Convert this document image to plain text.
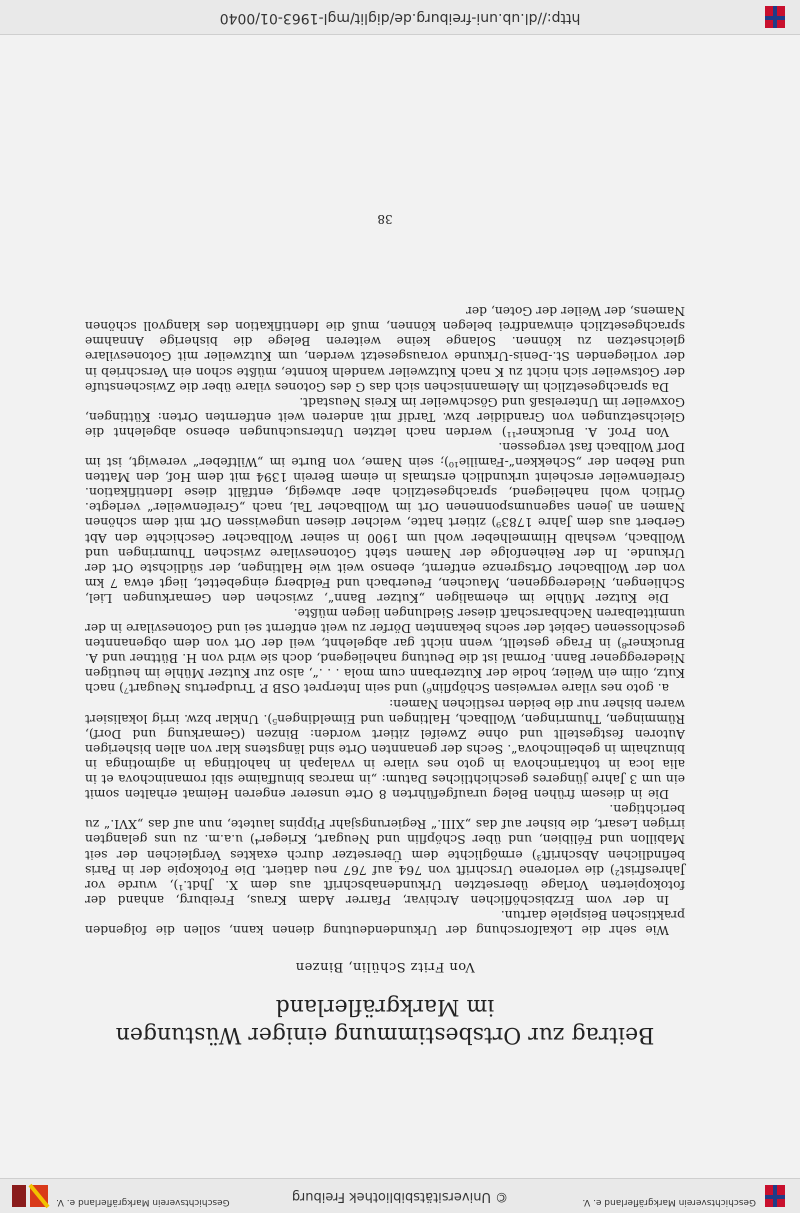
Geschichtsverein Markgräflerland e. V.
© Universitätsbibliothek Freiburg
Geschichtsverein Markgräflerland e. V.
Beitrag zur Ortsbestimmung einiger Wüstungen
im Markgräflerland
Von Fritz Schülin, Binzen

Wie sehr die Lokalforschung der Urkundendeutung dienen kann, sollen die folgenden praktischen Beispiele dartun.

In der vom Erzbischöflichen Archivar, Pfarrer Adam Kraus, Freiburg, anhand der fotokopierten Vorlage übersetzten Urkundenabschrift aus dem X. Jhdt.¹), wurde vor Jahresfrist²) die verlorene Urschrift von 764 auf 767 neu datiert. Die Fotokopie der in Paris befindlichen Abschrift³) ermöglichte dem Übersetzer durch exaktes Vergleichen der seit Mabillon und Félibien, und über Schöpflin und Neugart, Krieger⁴) u.a.m. zu uns gelangten irrigen Lesart, die bisher auf das „XIII.“ Regierungsjahr Pippins lautete, nun auf das „XVI.“ zu berichtigen.

Die in diesem frühen Beleg uraufgeführten 8 Orte unserer engeren Heimat erhalten somit ein um 3 Jahre jüngeres geschichtliches Datum: „in marcas binuffaime sibi romaninchova et in alia loca in tohtarinchova in goto nes vilare in vvalapah in haholtinga in agimotinga in binuzhaim in gebelinchova“. Sechs der genannten Orte sind längstens klar von allen bisherigen Autoren festgestellt und ohne Zweifel zitiert worden: Binzen (Gemarkung und Dorf), Rümmingen, Thumringen, Wollbach, Haltingen und Eimeldingen⁵). Unklar bzw. irrig lokalisiert waren bisher nur die beiden restlichen Namen:

a. goto nes vilare verweisen Schöpflin⁶) und sein Interpret OSB P. Trudpertus Neugart⁷) nach Kutz, olim ein Weiler, hodie der Kutzerbann cum mola . . .“, also zur Kutzer Mühle im heutigen Niedereggener Bann. Formal ist die Deutung naheliegend, doch sie wird von H. Büttner und A. Bruckner⁸) in Frage gestellt, wenn nicht gar abgelehnt, weil der Ort von dem obgenannten geschlossenen Gebiet der sechs bekannten Dörfer zu weit entfernt sei und Gotonesvilare in der unmittelbaren Nachbarschaft dieser Siedlungen liegen müßte.

Die Kutzer Mühle im ehemaligen „Kutzer Bann“, zwischen den Gemarkungen Liel, Schliengen, Niedereggenen, Mauchen, Feuerbach und Feldberg eingebettet, liegt etwa 7 km von der Wollbacher Ortsgrenze entfernt, ebenso weit wie Haltingen, der südlichste Ort der Urkunde. In der Reihenfolge der Namen steht Gotonesvilare zwischen Thumringen und Wollbach, weshalb Himmelheber wohl um 1900 in seiner Wollbacher Geschichte den Abt Gerbert aus dem Jahre 1783⁹) zitiert hatte, welcher diesen ungewissen Ort mit dem schönen Namen an jenen sagenumsponnenen Ort im Wollbacher Tal, nach „Greifenweiler“ verlegte. Örtlich wohl naheliegend, sprachgesetzlich aber abwegig, entfällt diese Identifikation. Greifenweiler erscheint urkundlich erstmals in einem Berein 1394 mit dem Hof, den Matten und Reben der „Schekken“-Familie¹⁰); sein Name, von Burte im „Wiltfeber“ verewigt, ist im Dorf Wollbach fast vergessen.

Von Prof. A. Bruckner¹¹) werden nach letzten Untersuchungen ebenso abgelehnt die Gleichsetzungen von Grandidier bzw. Tardif mit anderen weit entfernten Orten: Küttingen, Goxweiler im Unterelsaß und Göschweiler im Kreis Neustadt.

Da sprachgesetzlich im Alemannischen sich das G des Gotones vilare über die Zwischenstufe der Gotsweiler sich nicht zu K nach Kutzweiler wandeln konnte, müßte schon ein Verschrieb in der vorliegenden St.-Denis-Urkunde vorausgesetzt werden, um Kutzweiler mit Gotonesvilare gleichsetzen zu können. Solange keine weiteren Belege die bisherige Annahme sprachgesetzlich einwandfrei belegen können, muß die Identifikation des klangvoll schönen Namens, der Weiler der Goten, der

38
http://dl.ub.uni-freiburg.de/diglit/mgl-1963-01/0040
